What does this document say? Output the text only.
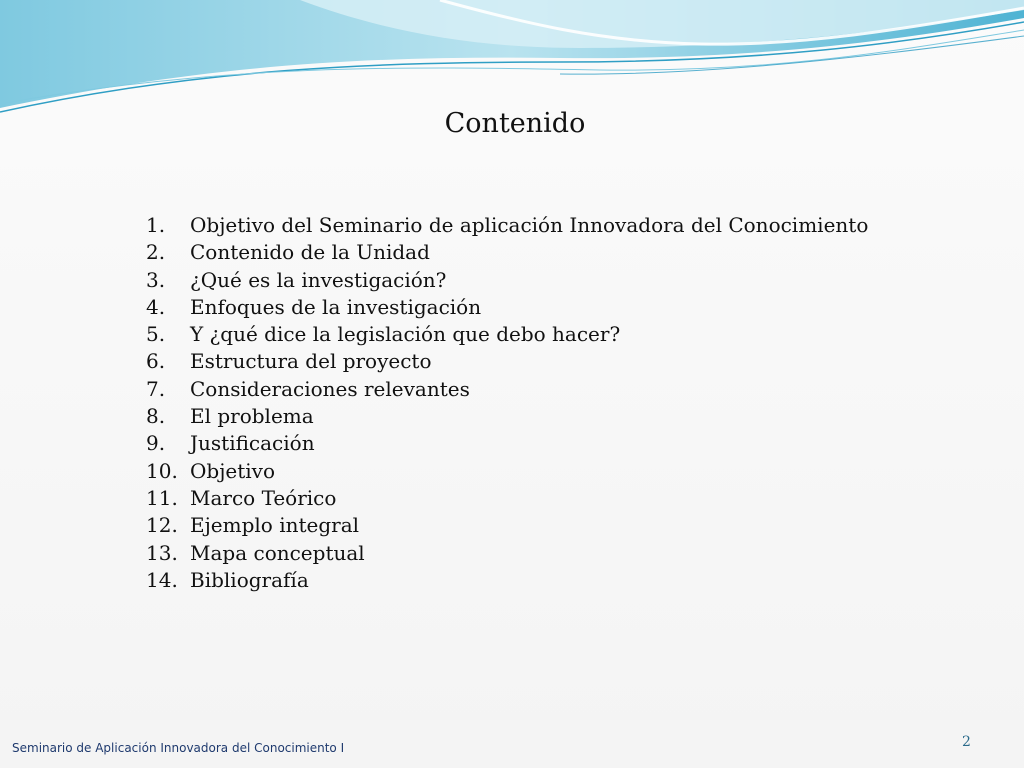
Contenido
1.	Objetivo del Seminario de aplicación Innovadora del Conocimiento
2.	Contenido de la Unidad
3.	¿Qué es la investigación?
4.	Enfoques de la investigación
5.	Y ¿qué dice la legislación que debo hacer?
6.	Estructura del proyecto
7.	Consideraciones relevantes
8.	El problema
9.	Justificación
10. Objetivo
11. Marco Teórico
12. Ejemplo integral
13. Mapa conceptual
14. Bibliografía
Seminario de Aplicación Innovadora del Conocimiento I	2
